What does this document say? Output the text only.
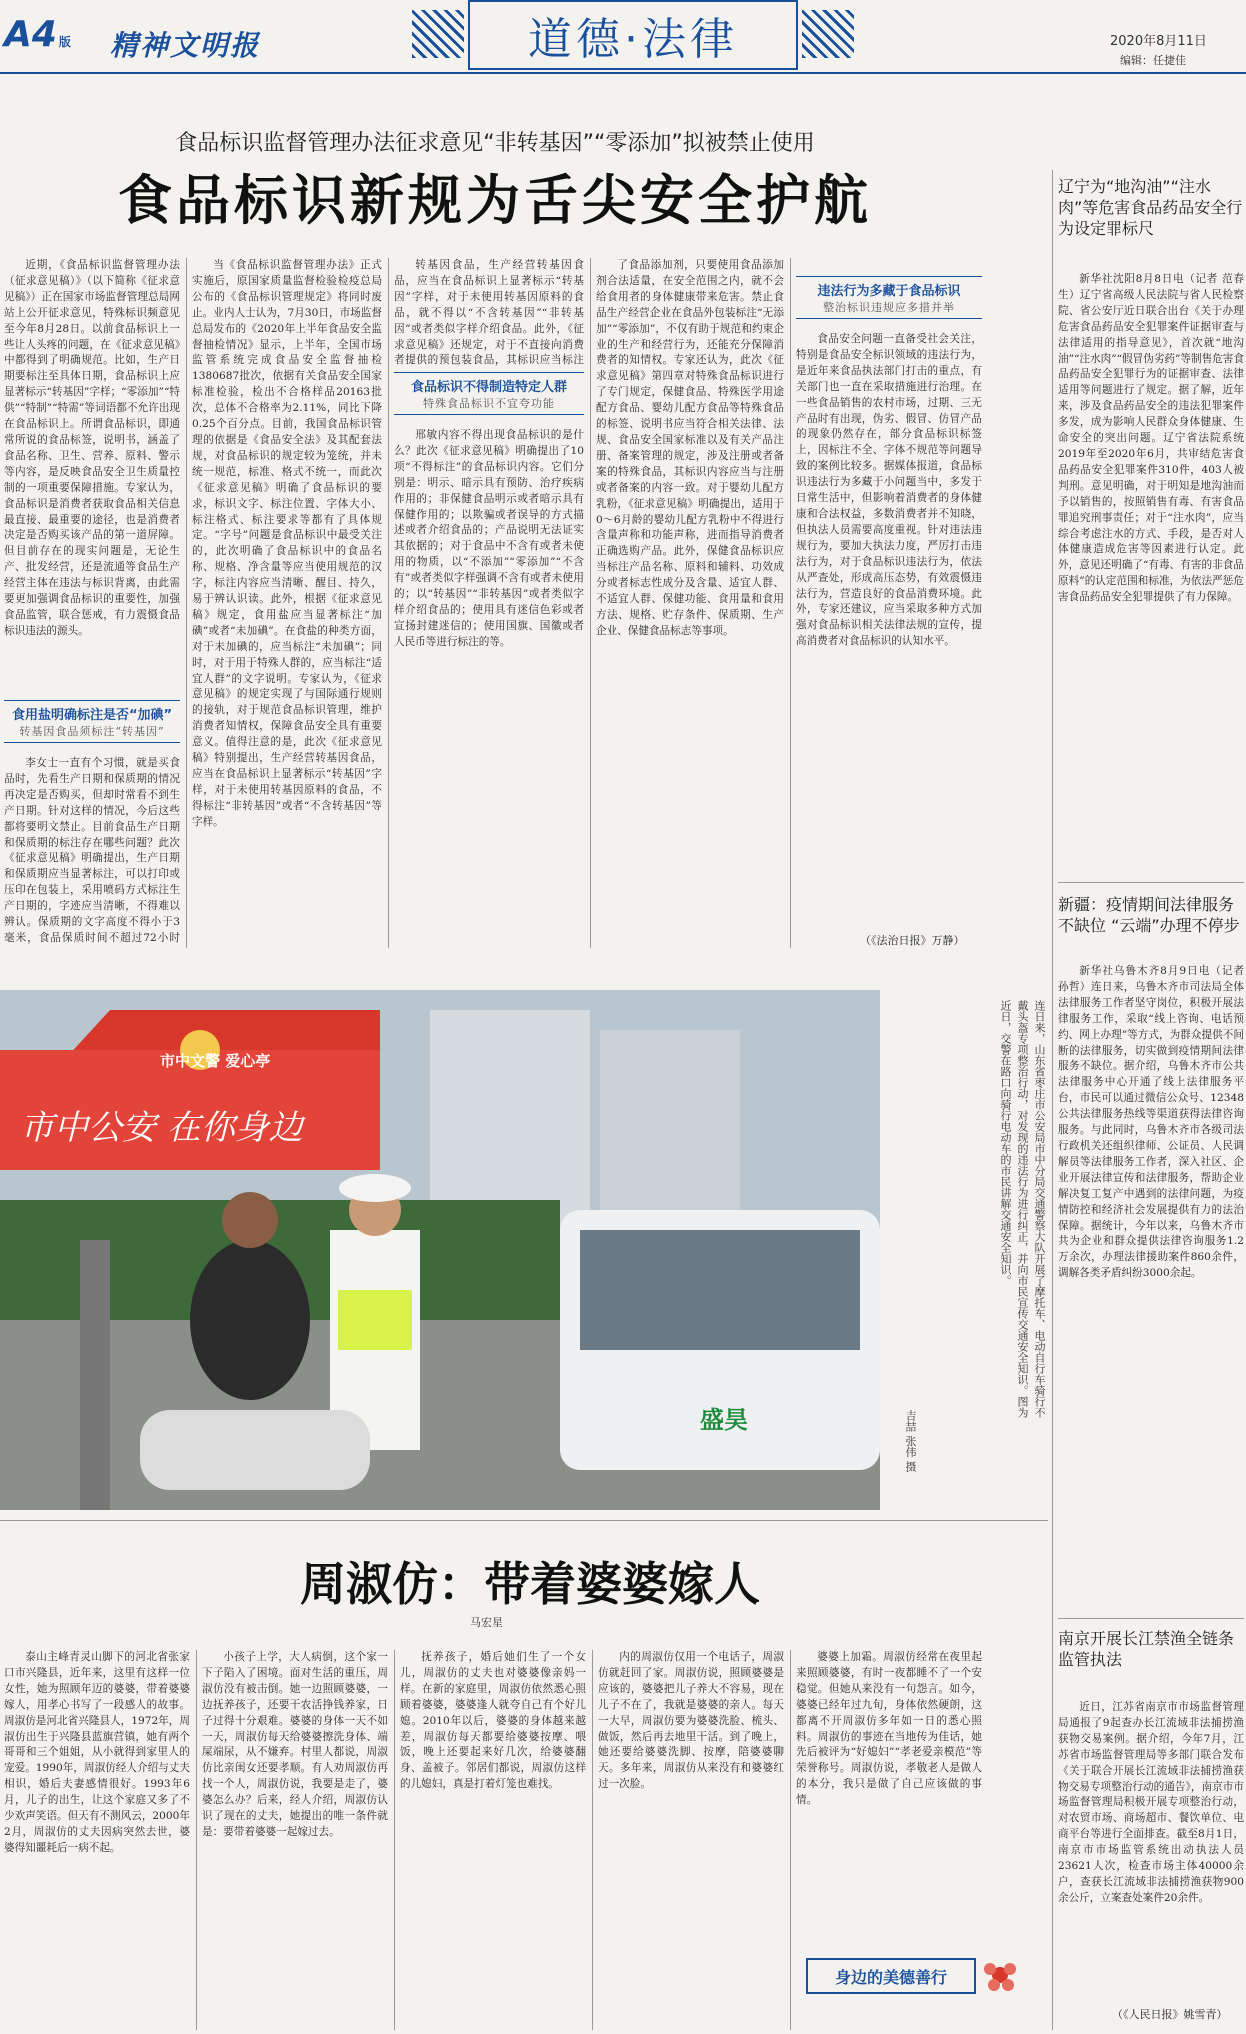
A4 版 精神文明报	道德·法律	2020年8月11日
编辑：任捷佳
食品标识监督管理办法征求意见“非转基因”“零添加”拟被禁止使用
食品标识新规为舌尖安全护航

近期，《食品标识监督管理办法（征求意见稿）》（以下简称《征求意见稿》）正在国家市场监督管理总局网站上公开征求意见，特殊标识频意见至今年8月28日。以前食品标识上一些让人头疼的问题，在《征求意见稿》中都得到了明确规范。比如，生产日期要标注至具体日期，食品标识上应显著标示“转基因”字样；“零添加”“特供”“特制”“特需”等词语都不允许出现在食品标识上。所谓食品标识，即通常所说的食品标签，说明书，涵盖了食品名称、卫生、营养、原料、警示等内容，是反映食品安全卫生质量控制的一项重要保障措施。专家认为，食品标识是消费者获取食品相关信息最直接、最重要的途径，也是消费者决定是否购买该产品的第一道屏障。但目前存在的现实问题是，无论生产、批发经营，还是流通等食品生产经营主体在违法与标识背离，由此需要更加强调食品标识的重要性，加强食品监管，联合惩戒，有力震慑食品标识违法的源头。

食用盐明确标注是否“加碘”
转基因食品须标注“转基因”

李女士一直有个习惯，就是买食品时，先看生产日期和保质期的情况再决定是否购买，但却时常看不到生产日期。针对这样的情况，今后这些都将要明文禁止。目前食品生产日期和保质期的标注存在哪些问题？此次《征求意见稿》明确提出，生产日期和保质期应当显著标注，可以打印或压印在包装上，采用喷码方式标注生产日期的，字迹应当清晰，不得难以辨认。保质期的文字高度不得小于3毫米，食品保质时间不超过72小时

当《食品标识监督管理办法》正式实施后，原国家质量监督检验检疫总局公布的《食品标识管理规定》将同时废止。业内人士认为，7月30日，市场监督总局发布的《2020年上半年食品安全监督抽检情况》显示，上半年，全国市场监管系统完成食品安全监督抽检1380687批次，依据有关食品安全国家标准检验，检出不合格样品20163批次，总体不合格率为2.11%，同比下降0.25个百分点。目前，我国食品标识管理的依据是《食品安全法》及其配套法规，对食品标识的规定较为笼统，并未统一规范，标准、格式不统一，而此次《征求意见稿》明确了食品标识的要求，标识文字、标注位置、字体大小、标注格式、标注要求等都有了具体规定。“字号”问题是食品标识中最受关注的，此次明确了食品标识中的食品名称、规格、净含量等应当使用规范的汉字，标注内容应当清晰、醒目、持久，易于辨认识读。此外，根据《征求意见稿》规定，食用盐应当显著标注“加碘”或者“未加碘”。在食盐的种类方面，对于未加碘的，应当标注“未加碘”；同时，对于用于特殊人群的，应当标注“适宜人群”的文字说明。专家认为，《征求意见稿》的规定实现了与国际通行规则的接轨，对于规范食品标识管理，维护消费者知情权，保障食品安全具有重要意义。值得注意的是，此次《征求意见稿》特别提出，生产经营转基因食品，应当在食品标识上显著标示“转基因”字样，对于未使用转基因原料的食品，不得标注“非转基因”或者“不含转基因”等字样。

食品标识不得制造特定人群
特殊食品标识不宜夸功能

转基因食品，生产经营转基因食品，应当在食品标识上显著标示“转基因”字样，对于未使用转基因原料的食品，就不得以“不含转基因”“非转基因”或者类似字样介绍食品。此外，《征求意见稿》还规定，对于不直接向消费者提供的预包装食品，其标识应当标注

邢敏内容不得出现食品标识的是什么？此次《征求意见稿》明确提出了10项“不得标注”的食品标识内容。它们分别是：明示、暗示具有预防、治疗疾病作用的；非保健食品明示或者暗示具有保健作用的；以欺骗或者误导的方式描述或者介绍食品的；产品说明无法证实其依据的；对于食品中不含有或者未使用的物质，以“不添加”“零添加”“不含有”或者类似字样强调不含有或者未使用的；以“转基因”“非转基因”或者类似字样介绍食品的；使用具有迷信色彩或者宣扬封建迷信的；使用国旗、国徽或者人民币等进行标注的等。

了食品添加剂，只要使用食品添加剂合法适量，在安全范围之内，就不会给食用者的身体健康带来危害。禁止食品生产经营企业在食品外包装标注“无添加”“零添加”，不仅有助于规范和约束企业的生产和经营行为，还能充分保障消费者的知情权。专家还认为，此次《征求意见稿》第四章对特殊食品标识进行了专门规定，保健食品、特殊医学用途配方食品、婴幼儿配方食品等特殊食品的标签、说明书应当符合相关法律、法规、食品安全国家标准以及有关产品注册、备案管理的规定，涉及注册或者备案的特殊食品，其标识内容应当与注册或者备案的内容一致。对于婴幼儿配方乳粉，《征求意见稿》明确提出，适用于0～6月龄的婴幼儿配方乳粉中不得进行含量声称和功能声称，进而指导消费者正确选购产品。此外，保健食品标识应当标注产品名称、原料和辅料、功效成分或者标志性成分及含量、适宜人群、不适宜人群、保健功能、食用量和食用方法、规格、贮存条件、保质期、生产企业、保健食品标志等事项。

违法行为多藏于食品标识
整治标识违规应多措并举

食品安全问题一直备受社会关注，特别是食品安全标识领域的违法行为，是近年来食品执法部门打击的重点，有关部门也一直在采取措施进行治理。在一些食品销售的农村市场，过期、三无产品时有出现，伪劣、假冒、仿冒产品的现象仍然存在，部分食品标识标签上，因标注不全、字体不规范等问题导致的案例比较多。据媒体报道，食品标识违法行为多藏于小问题当中，多发于日常生活中，但影响着消费者的身体健康和合法权益，多数消费者并不知晓，但执法人员需要高度重视。针对违法违规行为，要加大执法力度，严厉打击违法行为，对于食品标识违法行为，依法从严查处，形成高压态势，有效震慑违法行为，营造良好的食品消费环境。此外，专家还建议，应当采取多种方式加强对食品标识相关法律法规的宣传，提高消费者对食品标识的认知水平。

（《法治日报》万静）
辽宁为“地沟油”“注水肉”等危害食品药品安全行为设定罪标尺

新华社沈阳8月8日电（记者 范春生）辽宁省高级人民法院与省人民检察院、省公安厅近日联合出台《关于办理危害食品药品安全犯罪案件证据审查与法律适用的指导意见》，首次就“地沟油”“注水肉”“假冒伪劣药”等制售危害食品药品安全犯罪行为的证据审查、法律适用等问题进行了规定。据了解，近年来，涉及食品药品安全的违法犯罪案件多发，成为影响人民群众身体健康、生命安全的突出问题。辽宁省法院系统2019年至2020年6月，共审结危害食品药品安全犯罪案件310件，403人被判刑。意见明确，对于明知是地沟油而予以销售的，按照销售有毒、有害食品罪追究刑事责任；对于“注水肉”，应当综合考虑注水的方式、手段，是否对人体健康造成危害等因素进行认定。此外，意见还明确了“有毒、有害的非食品原料”的认定范围和标准，为依法严惩危害食品药品安全犯罪提供了有力保障。

新疆：疫情期间法律服务不缺位 “云端”办理不停步

新华社乌鲁木齐8月9日电（记者 孙哲）连日来，乌鲁木齐市司法局全体法律服务工作者坚守岗位，积极开展法律服务工作，采取“线上咨询、电话预约、网上办理”等方式，为群众提供不间断的法律服务，切实做到疫情期间法律服务不缺位。据介绍，乌鲁木齐市公共法律服务中心开通了线上法律服务平台，市民可以通过微信公众号、12348公共法律服务热线等渠道获得法律咨询服务。与此同时，乌鲁木齐市各级司法行政机关还组织律师、公证员、人民调解员等法律服务工作者，深入社区、企业开展法律宣传和法律服务，帮助企业解决复工复产中遇到的法律问题，为疫情防控和经济社会发展提供有力的法治保障。据统计，今年以来，乌鲁木齐市共为企业和群众提供法律咨询服务1.2万余次，办理法律援助案件860余件，调解各类矛盾纠纷3000余起。

南京开展长江禁渔全链条监管执法

近日，江苏省南京市市场监督管理局通报了9起查办长江流域非法捕捞渔获物交易案例。据介绍，今年7月，江苏省市场监督管理局等多部门联合发布《关于联合开展长江流域非法捕捞渔获物交易专项整治行动的通告》，南京市市场监督管理局积极开展专项整治行动，对农贸市场、商场超市、餐饮单位、电商平台等进行全面排查。截至8月1日，南京市市场监管系统出动执法人员23621人次，检查市场主体40000余户，查获长江流域非法捕捞渔获物900余公斤，立案查处案件20余件。

（《人民日报》姚雪青）
市中文警 爱心亭
市中公安 在你身边
盛昊
连日来，山东省枣庄市公安局市中分局交通警察大队开展了摩托车、电动自行车骑行不戴头盔专项整治行动，对发现的违法行为进行纠正，并向市民宣传交通安全知识。图为近日，交警在路口向骑行电动车的市民讲解交通安全知识。
吉喆 张伟 摄
周淑仿：带着婆婆嫁人
马宏星

泰山主峰青灵山脚下的河北省张家口市兴隆县，近年来，这里有这样一位女性，她为照顾年迈的婆婆，带着婆婆嫁人，用孝心书写了一段感人的故事。周淑仿是河北省兴隆县人，1972年，周淑仿出生于兴隆县蓝旗营镇，她有两个哥哥和三个姐姐，从小就得到家里人的宠爱。1990年，周淑仿经人介绍与丈夫相识，婚后夫妻感情很好。1993年6月，儿子的出生，让这个家庭又多了不少欢声笑语。但天有不测风云，2000年2月，周淑仿的丈夫因病突然去世，婆婆得知噩耗后一病不起。

小孩子上学，大人病倒，这个家一下子陷入了困境。面对生活的重压，周淑仿没有被击倒。她一边照顾婆婆，一边抚养孩子，还要干农活挣钱养家，日子过得十分艰难。婆婆的身体一天不如一天，周淑仿每天给婆婆擦洗身体、端屎端尿，从不嫌弃。村里人都说，周淑仿比亲闺女还要孝顺。有人劝周淑仿再找一个人，周淑仿说，我要是走了，婆婆怎么办？后来，经人介绍，周淑仿认识了现在的丈夫，她提出的唯一条件就是：要带着婆婆一起嫁过去。

抚养孩子，婚后她们生了一个女儿，周淑仿的丈夫也对婆婆像亲妈一样。在新的家庭里，周淑仿依然悉心照顾着婆婆，婆婆逢人就夸自己有个好儿媳。2010年以后，婆婆的身体越来越差，周淑仿每天都要给婆婆按摩、喂饭，晚上还要起来好几次，给婆婆翻身、盖被子。邻居们都说，周淑仿这样的儿媳妇，真是打着灯笼也难找。

内的周淑仿仅用一个电话子，周淑仿就赶回了家。周淑仿说，照顾婆婆是应该的，婆婆把儿子养大不容易，现在儿子不在了，我就是婆婆的亲人。每天一大早，周淑仿要为婆婆洗脸、梳头、做饭，然后再去地里干活。到了晚上，她还要给婆婆洗脚、按摩，陪婆婆聊天。多年来，周淑仿从来没有和婆婆红过一次脸。

婆婆上加霜。周淑仿经常在夜里起来照顾婆婆，有时一夜都睡不了一个安稳觉。但她从来没有一句怨言。如今，婆婆已经年过九旬，身体依然硬朗，这都离不开周淑仿多年如一日的悉心照料。周淑仿的事迹在当地传为佳话，她先后被评为“好媳妇”“孝老爱亲模范”等荣誉称号。周淑仿说，孝敬老人是做人的本分，我只是做了自己应该做的事情。

身边的美德善行
